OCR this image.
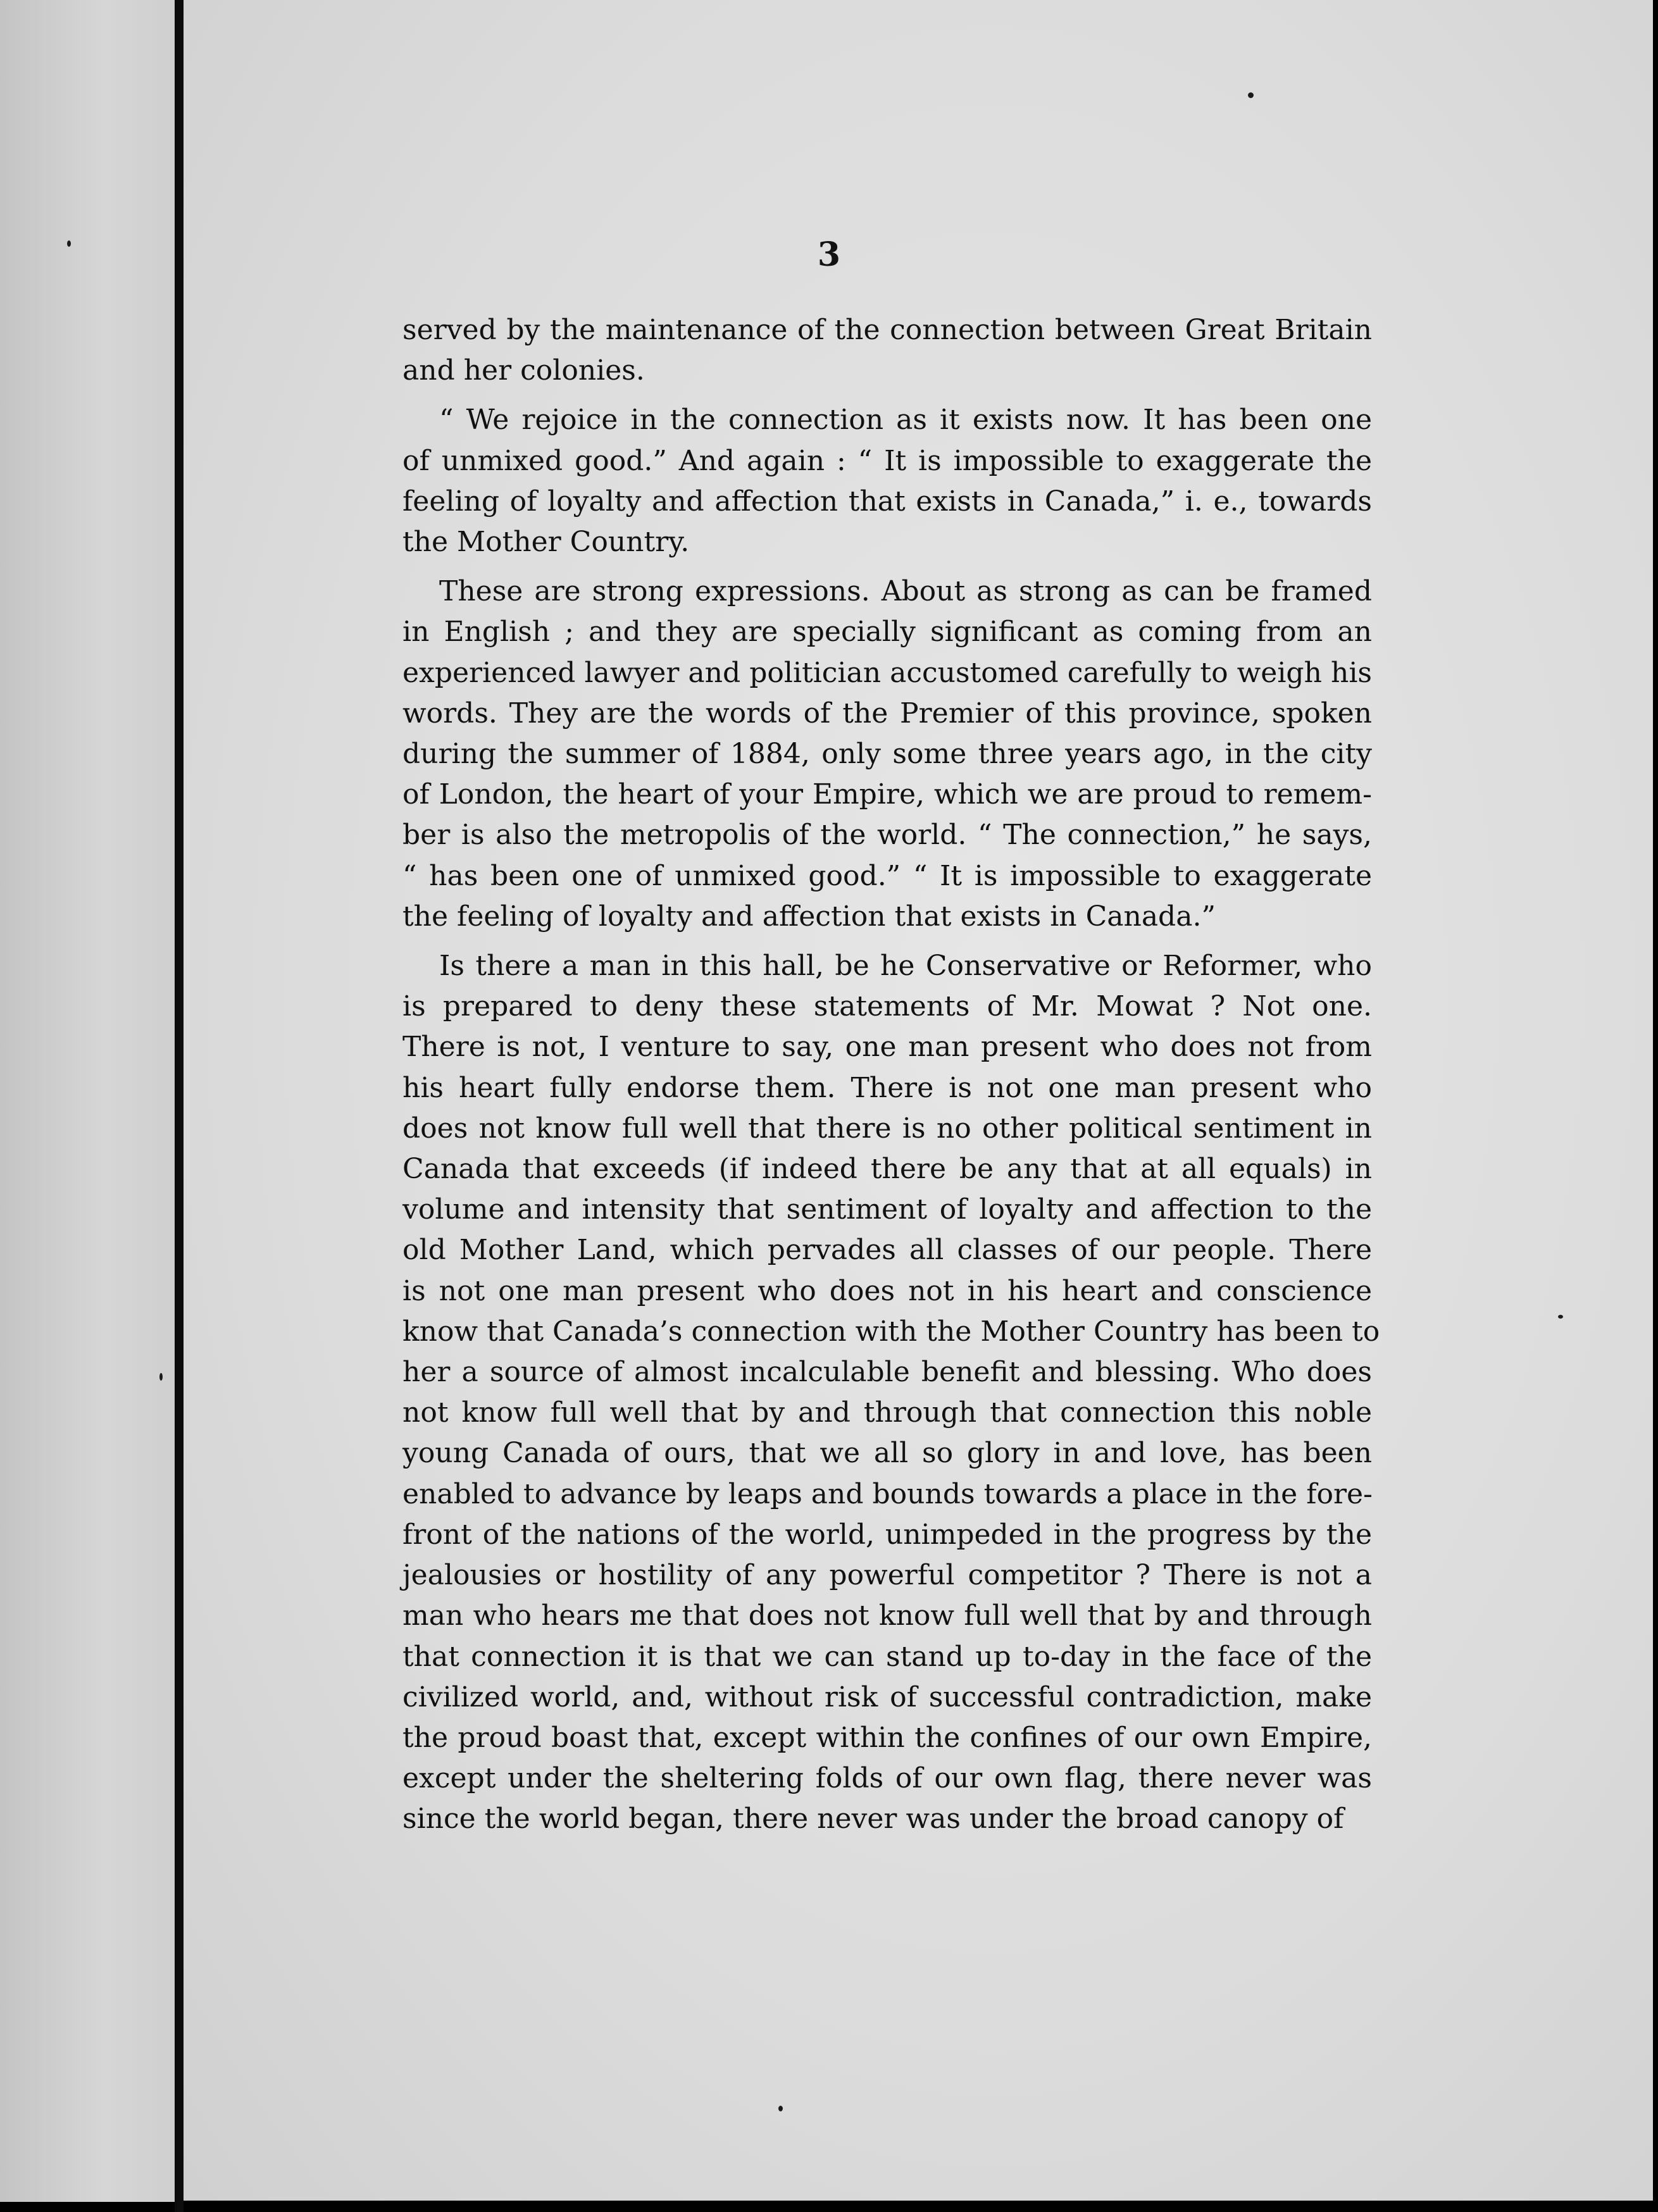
3
served by the maintenance of the connection between Great Britain
and her colonies.
“ We rejoice in the connection as it exists now. It has been one
of unmixed good.” And again : “ It is impossible to exaggerate the
feeling of loyalty and affection that exists in Canada,” i. e., towards
the Mother Country.
These are strong expressions. About as strong as can be framed
in English ; and they are specially significant as coming from an
experienced lawyer and politician accustomed carefully to weigh his
words. They are the words of the Premier of this province, spoken
during the summer of 1884, only some three years ago, in the city
of London, the heart of your Empire, which we are proud to remem-
ber is also the metropolis of the world. “ The connection,” he says,
“ has been one of unmixed good.” “ It is impossible to exaggerate
the feeling of loyalty and affection that exists in Canada.”
Is there a man in this hall, be he Conservative or Reformer, who
is prepared to deny these statements of Mr. Mowat ? Not one.
There is not, I venture to say, one man present who does not from
his heart fully endorse them. There is not one man present who
does not know full well that there is no other political sentiment in
Canada that exceeds (if indeed there be any that at all equals) in
volume and intensity that sentiment of loyalty and affection to the
old Mother Land, which pervades all classes of our people. There
is not one man present who does not in his heart and conscience
know that Canada’s connection with the Mother Country has been to
her a source of almost incalculable benefit and blessing. Who does
not know full well that by and through that connection this noble
young Canada of ours, that we all so glory in and love, has been
enabled to advance by leaps and bounds towards a place in the fore-
front of the nations of the world, unimpeded in the progress by the
jealousies or hostility of any powerful competitor ? There is not a
man who hears me that does not know full well that by and through
that connection it is that we can stand up to-day in the face of the
civilized world, and, without risk of successful contradiction, make
the proud boast that, except within the confines of our own Empire,
except under the sheltering folds of our own flag, there never was
since the world began, there never was under the broad canopy of
